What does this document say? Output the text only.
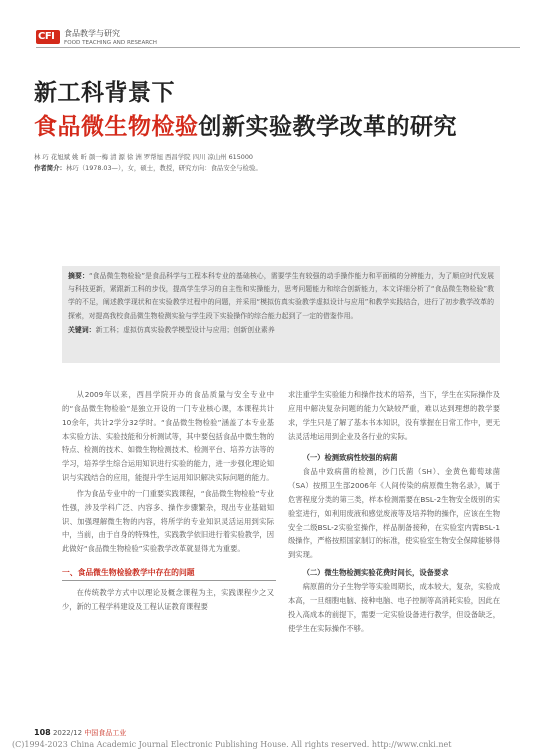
CFI 食品教学与研究
FOOD TEACHING AND RESEARCH
新工科背景下
食品微生物检验创新实验教学改革的研究
林 巧 花旭斌 姚 昕 颜一梅 清 源 徐 洲 罗帮旭 西昌学院 四川 凉山州 615000
作者简介：林巧（1978.03—），女，硕士，教授，研究方向：食品安全与检验。
摘要：“食品微生物检验”是食品科学与工程本科专业的基础核心，需要学生有较强的动手操作能力和平面稿的分辨能力，为了顺应时代发展与科技更新，紧跟新工科的步伐，提高学生学习的自主性和实操能力，思考问题能力和综合创新能力，本文详细分析了“食品微生物检验”教学的不足，阐述教学现状和在实验教学过程中的问题，并采用“模拟仿真实验教学虚拟设计与应用”和教学实践结合，进行了初步教学改革的探索，对提高我校食品微生物检测实验与学生段下实验操作的综合能力起到了一定的借鉴作用。
关键词：新工科；虚拟仿真实验教学模型设计与应用；创新创业素养

从2009年以来，西昌学院开办的食品质量与安全专业中的“食品微生物检验”是独立开设的一门专业核心课，本课程共计10余年，共计2学分32学时。“食品微生物检验”涵盖了本专业基本实验方法、实验技能和分析测试等，其中要包括食品中微生物的特点、检测的技术、如微生物检测技术、检测平台、培养方法等的学习，培养学生综合运用知识进行实验的能力，进一步强化理论知识与实践结合的应用，能提升学生运用知识解决实际问题的能力。

作为食品专业中的一门重要实践课程，“食品微生物检验”专业性强，涉及学科广泛、内容多、操作步骤繁杂，现出专业基础知识、加强理解微生物的内容，将所学的专业知识灵活运用到实际中，当前，由于自身的特殊性，实践教学依旧进行着实验教学，因此做好“食品微生物检验”实验教学改革就显得尤为重要。

一、食品微生物检验教学中存在的问题

在传统教学方式中以理论及概念课程为主，实践课程少之又少，新的工程学科建设及工程认证教育课程要

求注重学生实验能力和操作技术的培养，当下，学生在实际操作及应用中解决复杂问题的能力欠缺较严重，难以达到理想的教学要求，学生只是了解了基本书本知识，没有掌握在日常工作中，更无法灵活地运用到企业及各行业的实际。

（一）检测致病性较强的病菌

食品中致病菌的检测，沙门氏菌（SH）、金黄色葡萄球菌（SA）按照卫生部2006年《人间传染的病原微生物名录》，属于危害程度分类的第三类，样本检测需要在BSL-2生物安全级别的实验室进行，如利用废液和感觉废液等及培养物的操作，应该在生物安全二级BSL-2实验室操作，样品制备接种，在实验室内需BSL-1级操作，严格按照国家制订的标准，使实验室生物安全保障能够得到实现。

（二）微生物检测实验花费时间长，设备要求

病原菌的分子生物学等实验周期长，成本较大，复杂，实验成本高，一旦细胞电脑、接种电脑、电子控制等高消耗实验，因此在投入高成本的前提下，需要一定实验设备进行教学，但设备缺乏，使学生在实际操作不够。

108 2022/12 中国食品工业
(C)1994-2023 China Academic Journal Electronic Publishing House. All rights reserved. http://www.cnki.net
